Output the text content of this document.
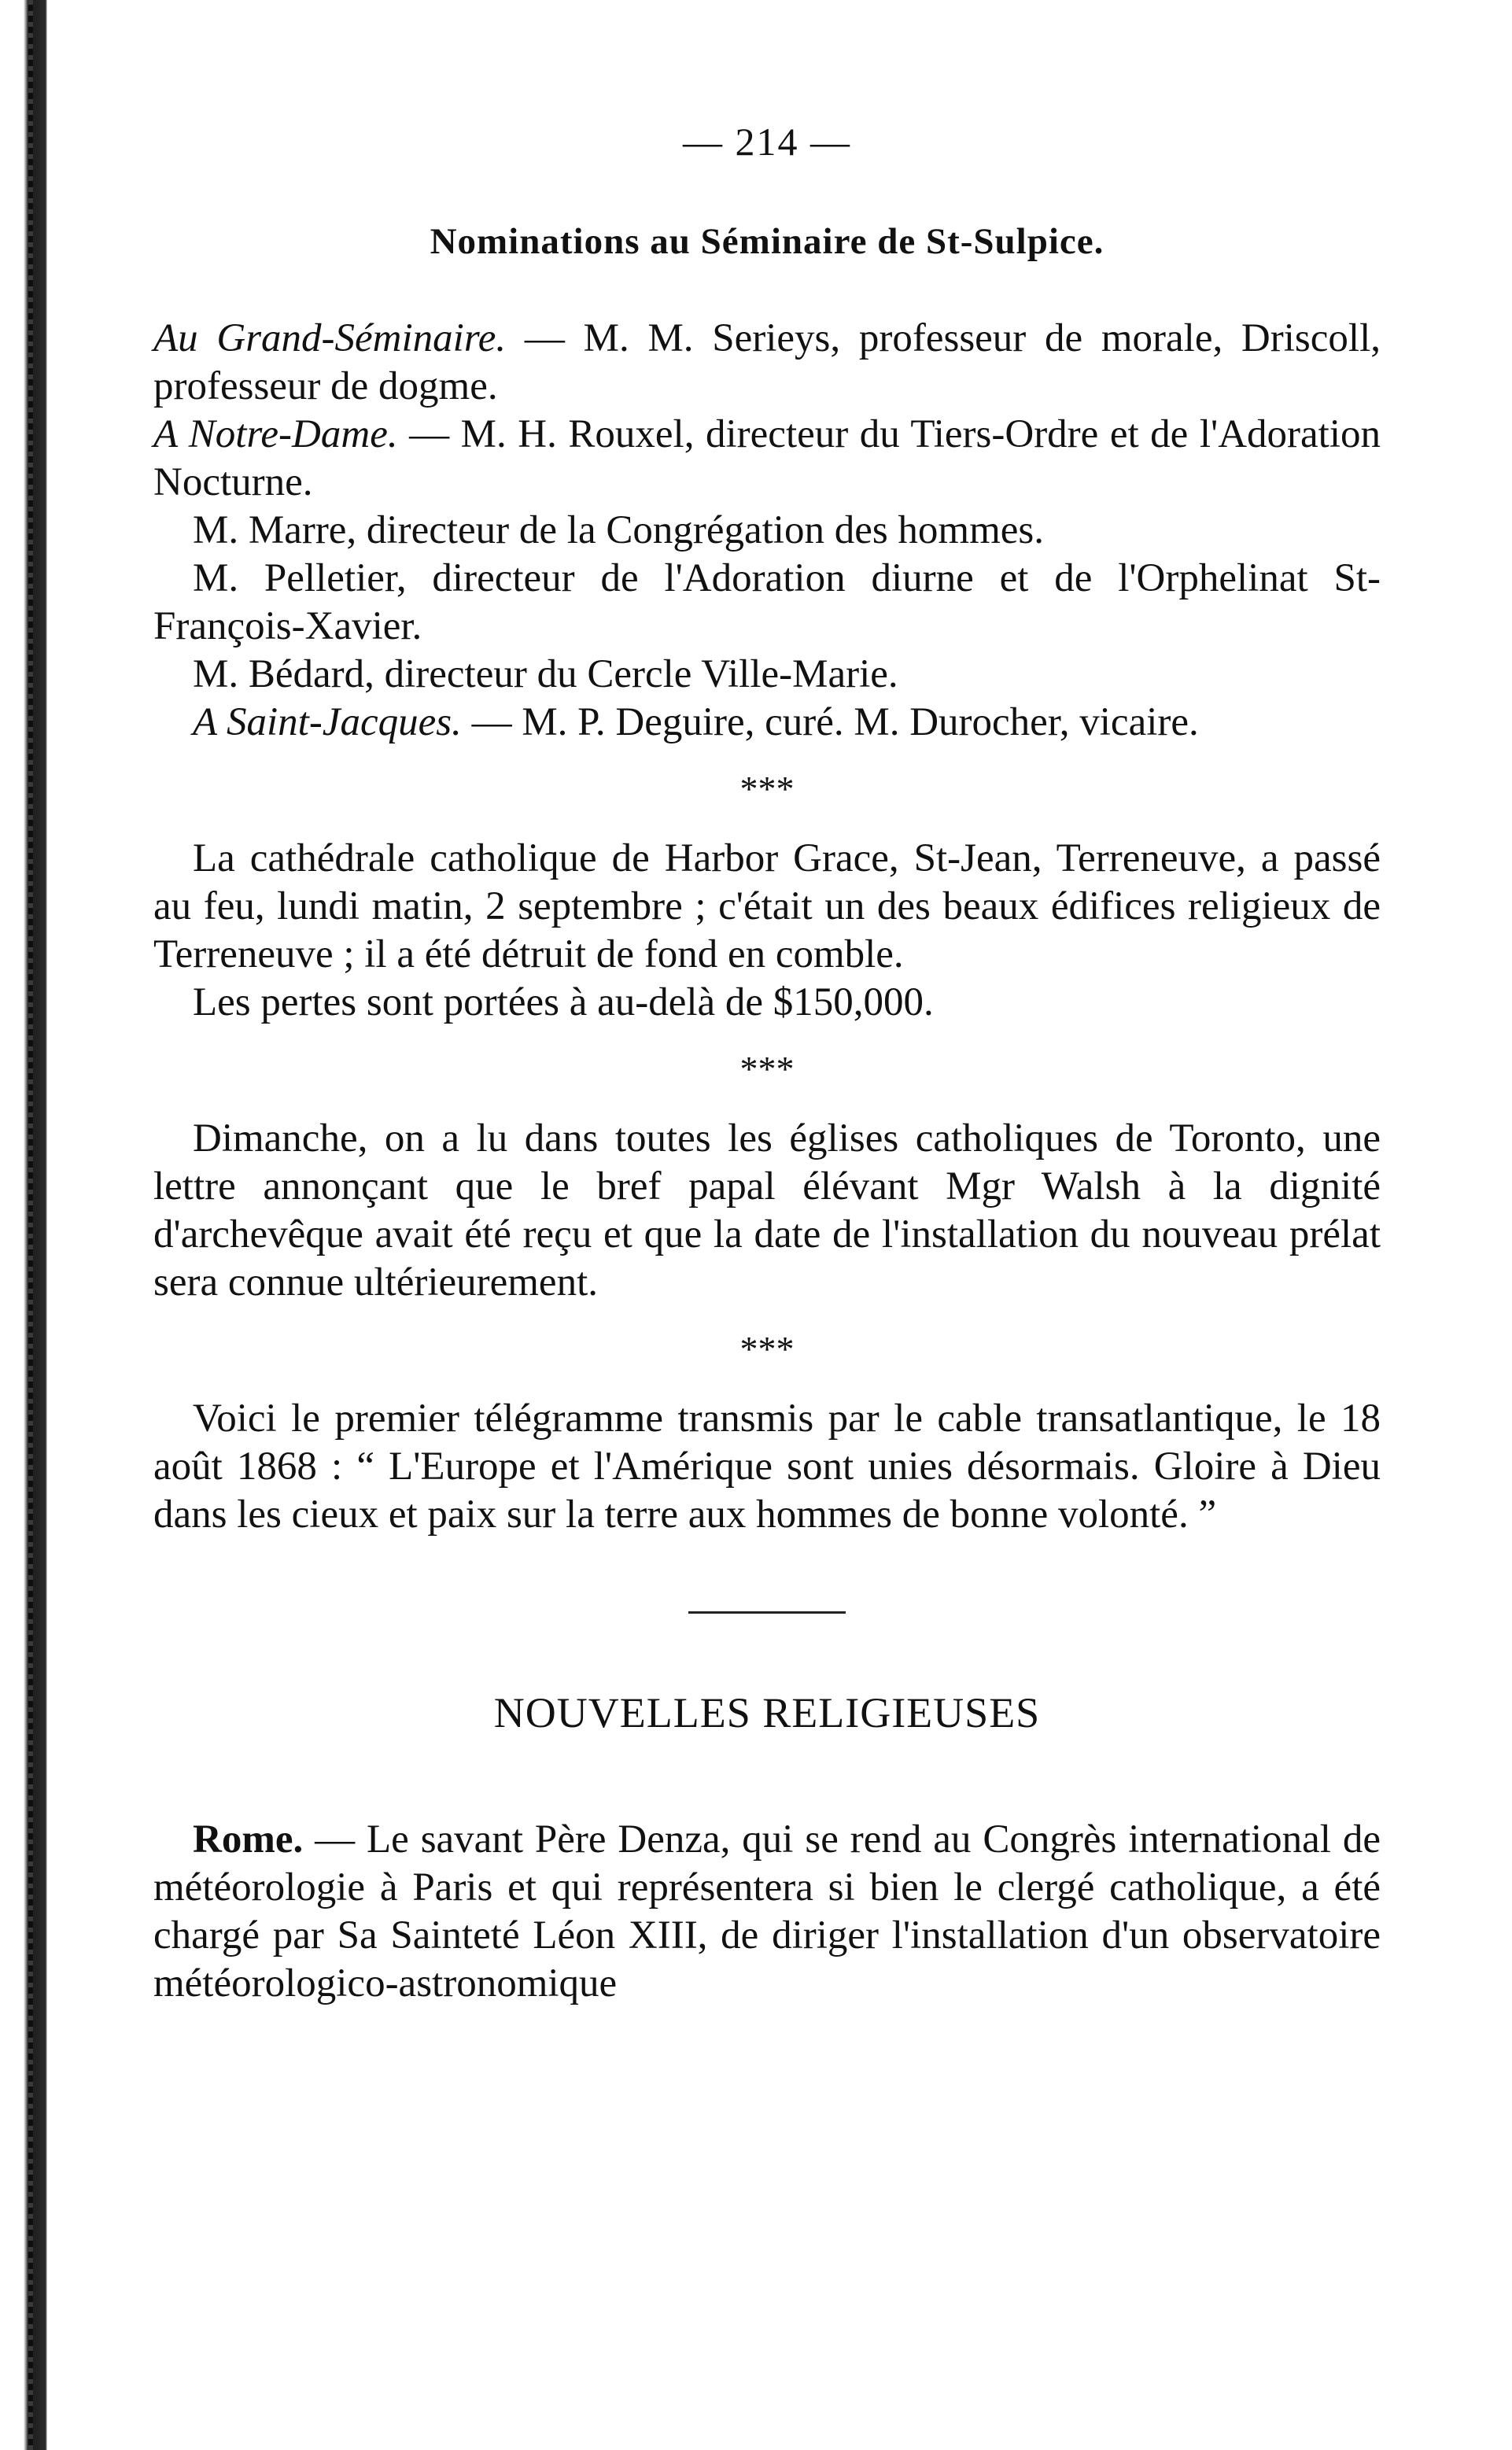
— 214 —
Nominations au Séminaire de St-Sulpice.

Au Grand-Séminaire. — M. M. Serieys, professeur de morale, Driscoll, professeur de dogme.

A Notre-Dame. — M. H. Rouxel, directeur du Tiers-Ordre et de l'Adoration Nocturne.

M. Marre, directeur de la Congrégation des hommes.

M. Pelletier, directeur de l'Adoration diurne et de l'Orphelinat St-François-Xavier.

M. Bédard, directeur du Cercle Ville-Marie.

A Saint-Jacques. — M. P. Deguire, curé. M. Durocher, vicaire.

***

La cathédrale catholique de Harbor Grace, St-Jean, Terreneuve, a passé au feu, lundi matin, 2 septembre ; c'était un des beaux édifices religieux de Terreneuve ; il a été détruit de fond en comble.

Les pertes sont portées à au-delà de $150,000.

***

Dimanche, on a lu dans toutes les églises catholiques de Toronto, une lettre annonçant que le bref papal élévant Mgr Walsh à la dignité d'archevêque avait été reçu et que la date de l'installation du nouveau prélat sera connue ultérieurement.

***

Voici le premier télégramme transmis par le cable transatlantique, le 18 août 1868 : “ L'Europe et l'Amérique sont unies désormais. Gloire à Dieu dans les cieux et paix sur la terre aux hommes de bonne volonté. ”

NOUVELLES RELIGIEUSES

Rome. — Le savant Père Denza, qui se rend au Congrès international de météorologie à Paris et qui représentera si bien le clergé catholique, a été chargé par Sa Sainteté Léon XIII, de diriger l'installation d'un observatoire météorologico-astronomique
